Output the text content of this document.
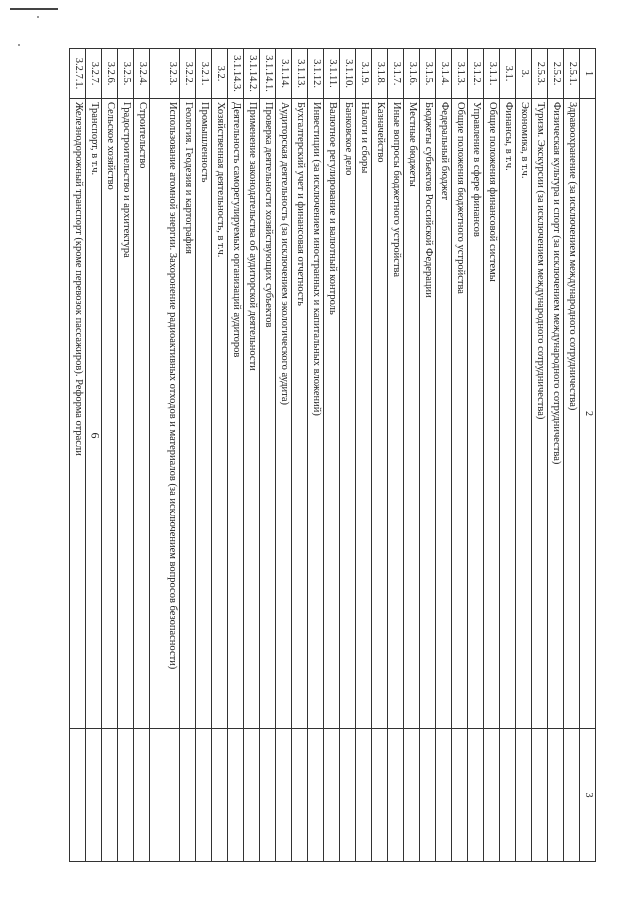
6
1	2	3
2.5.1.	Здравоохранение (за исключением международного сотрудничества)	
2.5.2.	Физическая культура и спорт (за исключением международного сотрудничества)	
2.5.3.	Туризм. Экскурсии (за исключением международного сотрудничества)	
3.	Экономика, в т.ч.	
3.1.	Финансы, в т.ч.	
3.1.1.	Общие положения финансовой системы	
3.1.2.	Управление в сфере финансов	
3.1.3.	Общие положения бюджетного устройства	
3.1.4.	Федеральный бюджет	
3.1.5.	Бюджеты субъектов Российской Федерации	
3.1.6.	Местные бюджеты	
3.1.7.	Иные вопросы бюджетного устройства	
3.1.8.	Казначейство	
3.1.9.	Налоги и сборы	
3.1.10.	Банковское дело	
3.1.11.	Валютное регулирование и валютный контроль	
3.1.12.	Инвестиции (за исключением иностранных и капитальных вложений)	
3.1.13.	Бухгалтерский учет и финансовая отчетность	
3.1.14.	Аудиторская деятельность (за исключением экологического аудита)	
3.1.14.1.	Проверка деятельности хозяйствующих субъектов	
3.1.14.2.	Применение законодательства об аудиторской деятельности	
3.1.14.3.	Деятельность саморегулируемых организаций аудиторов	
3.2.	Хозяйственная деятельность, в т.ч.	
3.2.1.	Промышленность	
3.2.2.	Геология. Геодезия и картография	
3.2.3.	Использование атомной энергии. Захоронение радиоактивных отходов и материалов (за исключением вопросов безопасности)	
3.2.4.	Строительство	
3.2.5.	Градостроительство и архитектура	
3.2.6.	Сельское хозяйство	
3.2.7.	Транспорт, в т.ч.	
3.2.7.1.	Железнодорожный транспорт (кроме перевозок пассажиров). Реформа отрасли	
